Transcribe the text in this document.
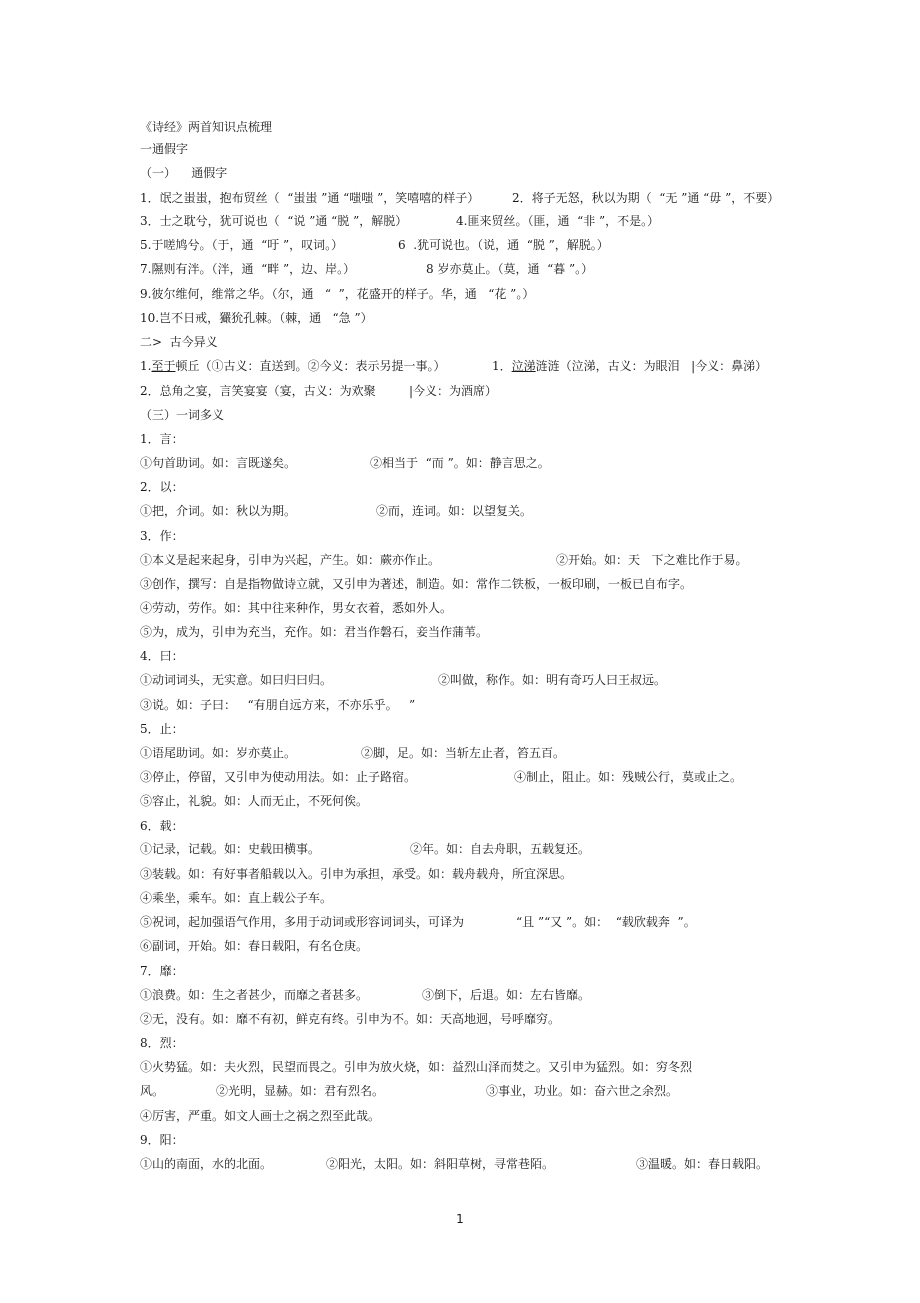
《诗经》两首知识点梳理
一通假字
（一）    通假字
1．氓之蚩蚩，抱布贸丝（  “蚩蚩 ”通 “嗤嗤 ”，笑嘻嘻的样子）	2．将子无怒，秋以为期（  “无 ”通 “毋 ”，不要）
3．士之耽兮，犹可说也（  “说 ”通 “脱 ”，解脱）	4.匪来贸丝。（匪，通  “非 ”，不是。）
5.于嗟鸠兮。（于，通  “吁 ”，叹词。）	6  .犹可说也。（说，通  “脱 ”，解脱。）
7.隰则有泮。（泮，通  “畔 ”，边、岸。）	8 岁亦莫止。（莫，通  “暮 ”。）
9.彼尔维何，维常之华。（尔，通   “  ”，花盛开的样子。华，通   “花 ”。）
10.岂不日戒，玁狁孔棘。（棘，通   “急 ”）
二>  古今异义
1.至于顿丘（①古义：直送到。②今义：表示另提一事。）	1．泣涕涟涟（泣涕，古义：为眼泪   |今义：鼻涕）
2．总角之宴，言笑宴宴（宴，古义：为欢聚	|今义：为酒席）
（三）一词多义
1．言：
①句首助词。如：言既遂矣。	②相当于  “而 ”。如：静言思之。
2．以：
①把，介词。如：秋以为期。	②而，连词。如：以望复关。
3．作：
①本义是起来起身，引申为兴起，产生。如：蕨亦作止。	②开始。如：天   下之难比作于易。
③创作，撰写：自是指物做诗立就，又引申为著述，制造。如：常作二铁板，一板印刷，一板已自布字。
④劳动，劳作。如：其中往来种作，男女衣着，悉如外人。
⑤为，成为，引申为充当，充作。如：君当作磐石，妾当作蒲苇。
4．曰：
①动词词头，无实意。如曰归曰归。	②叫做，称作。如：明有奇巧人曰王叔远。
③说。如：子曰：   “有朋自远方来，不亦乐乎。   ”
5．止：
①语尾助词。如：岁亦莫止。	②脚，足。如：当斩左止者，笞五百。
③停止，停留，又引申为使动用法。如：止子路宿。	④制止，阻止。如：残贼公行，莫或止之。
⑤容止，礼貌。如：人而无止，不死何俟。
6．载：
①记录，记载。如：史载田横事。	②年。如：自去舟职，五载复还。
③装载。如：有好事者船载以入。引申为承担，承受。如：载舟载舟，所宜深思。
④乘坐，乘车。如：直上载公子车。
⑤祝词，起加强语气作用，多用于动词或形容词词头，可译为	“且 ”“又 ”。如：  “载欣载奔  ”。
⑥副词，开始。如：春日载阳，有名仓庚。
7．靡：
①浪费。如：生之者甚少，而靡之者甚多。	③倒下，后退。如：左右皆靡。
②无，没有。如：靡不有初，鲜克有终。引申为不。如：天高地迥，号呼靡穷。
8．烈：
①火势猛。如：夫火烈，民望而畏之。引申为放火烧，如：益烈山泽而焚之。又引申为猛烈。如：穷冬烈
风。	②光明，显赫。如：君有烈名。	③事业，功业。如：奋六世之余烈。
④厉害，严重。如文人画士之祸之烈至此哉。
9．阳：
①山的南面，水的北面。	②阳光，太阳。如：斜阳草树，寻常巷陌。	③温暖。如：春日载阳。
1
